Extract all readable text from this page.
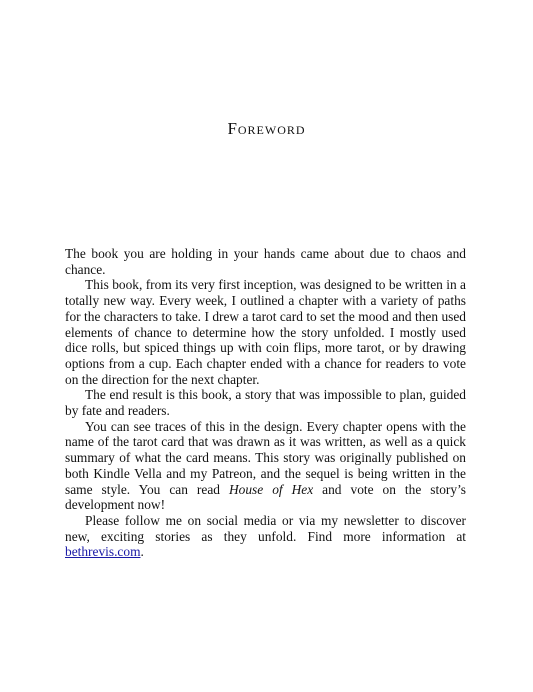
Foreword

The book you are holding in your hands came about due to chaos and chance.

This book, from its very first inception, was designed to be written in a totally new way. Every week, I outlined a chapter with a variety of paths for the characters to take. I drew a tarot card to set the mood and then used elements of chance to determine how the story unfolded. I mostly used dice rolls, but spiced things up with coin flips, more tarot, or by drawing options from a cup. Each chapter ended with a chance for readers to vote on the direction for the next chapter.

The end result is this book, a story that was impossible to plan, guided by fate and readers.

You can see traces of this in the design. Every chapter opens with the name of the tarot card that was drawn as it was written, as well as a quick summary of what the card means. This story was originally published on both Kindle Vella and my Patreon, and the sequel is being written in the same style. You can read House of Hex and vote on the story’s development now!

Please follow me on social media or via my newsletter to discover new, exciting stories as they unfold. Find more information at bethrevis.com.
